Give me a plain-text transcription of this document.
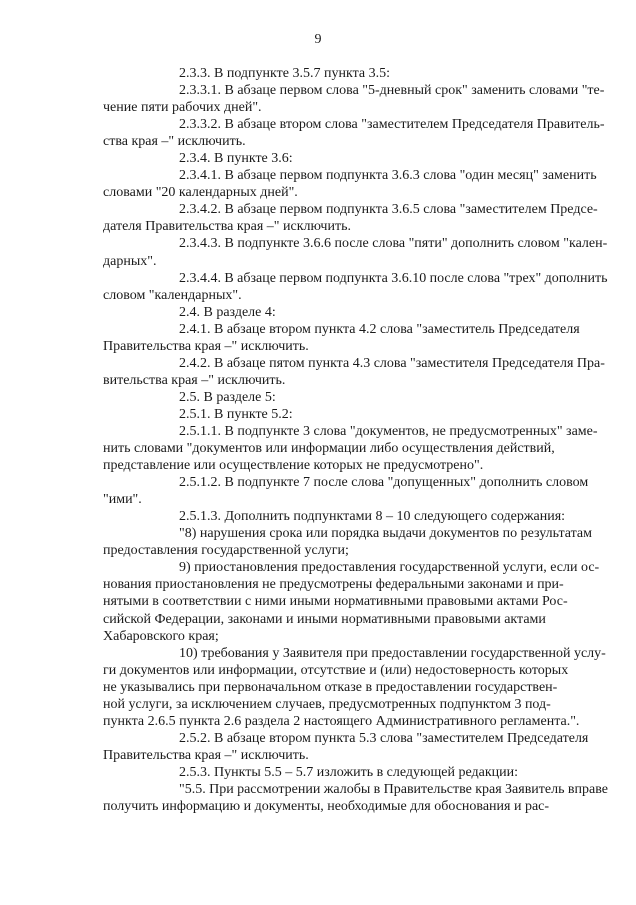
9
2.3.3. В подпункте 3.5.7 пункта 3.5:
2.3.3.1. В абзаце первом слова "5-дневный срок" заменить словами "те-
чение пяти рабочих дней".
2.3.3.2. В абзаце втором слова "заместителем Председателя Правитель-
ства края –" исключить.
2.3.4. В пункте 3.6:
2.3.4.1. В абзаце первом подпункта 3.6.3 слова "один месяц" заменить
словами "20 календарных дней".
2.3.4.2. В абзаце первом подпункта 3.6.5 слова "заместителем Предсе-
дателя Правительства края –" исключить.
2.3.4.3. В подпункте 3.6.6 после слова "пяти" дополнить словом "кален-
дарных".
2.3.4.4. В абзаце первом подпункта 3.6.10 после слова "трех" дополнить
словом "календарных".
2.4. В разделе 4:
2.4.1. В абзаце втором пункта 4.2 слова "заместитель Председателя
Правительства края –" исключить.
2.4.2. В абзаце пятом пункта 4.3 слова "заместителя Председателя Пра-
вительства края –" исключить.
2.5. В разделе 5:
2.5.1. В пункте 5.2:
2.5.1.1. В подпункте 3 слова "документов, не предусмотренных" заме-
нить словами "документов или информации либо осуществления действий,
представление или осуществление которых не предусмотрено".
2.5.1.2. В подпункте 7 после слова "допущенных" дополнить словом
"ими".
2.5.1.3. Дополнить подпунктами 8 – 10 следующего содержания:
"8) нарушения срока или порядка выдачи документов по результатам
предоставления государственной услуги;
9) приостановления предоставления государственной услуги, если ос-
нования приостановления не предусмотрены федеральными законами и при-
нятыми в соответствии с ними иными нормативными правовыми актами Рос-
сийской Федерации, законами и иными нормативными правовыми актами
Хабаровского края;
10) требования у Заявителя при предоставлении государственной услу-
ги документов или информации, отсутствие и (или) недостоверность которых
не указывались при первоначальном отказе в предоставлении государствен-
ной услуги, за исключением случаев, предусмотренных подпунктом 3 под-
пункта 2.6.5 пункта 2.6 раздела 2 настоящего Административного регламента.".
2.5.2. В абзаце втором пункта 5.3 слова "заместителем Председателя
Правительства края –" исключить.
2.5.3. Пункты 5.5 – 5.7 изложить в следующей редакции:
"5.5. При рассмотрении жалобы в Правительстве края Заявитель вправе
получить информацию и документы, необходимые для обоснования и рас-
